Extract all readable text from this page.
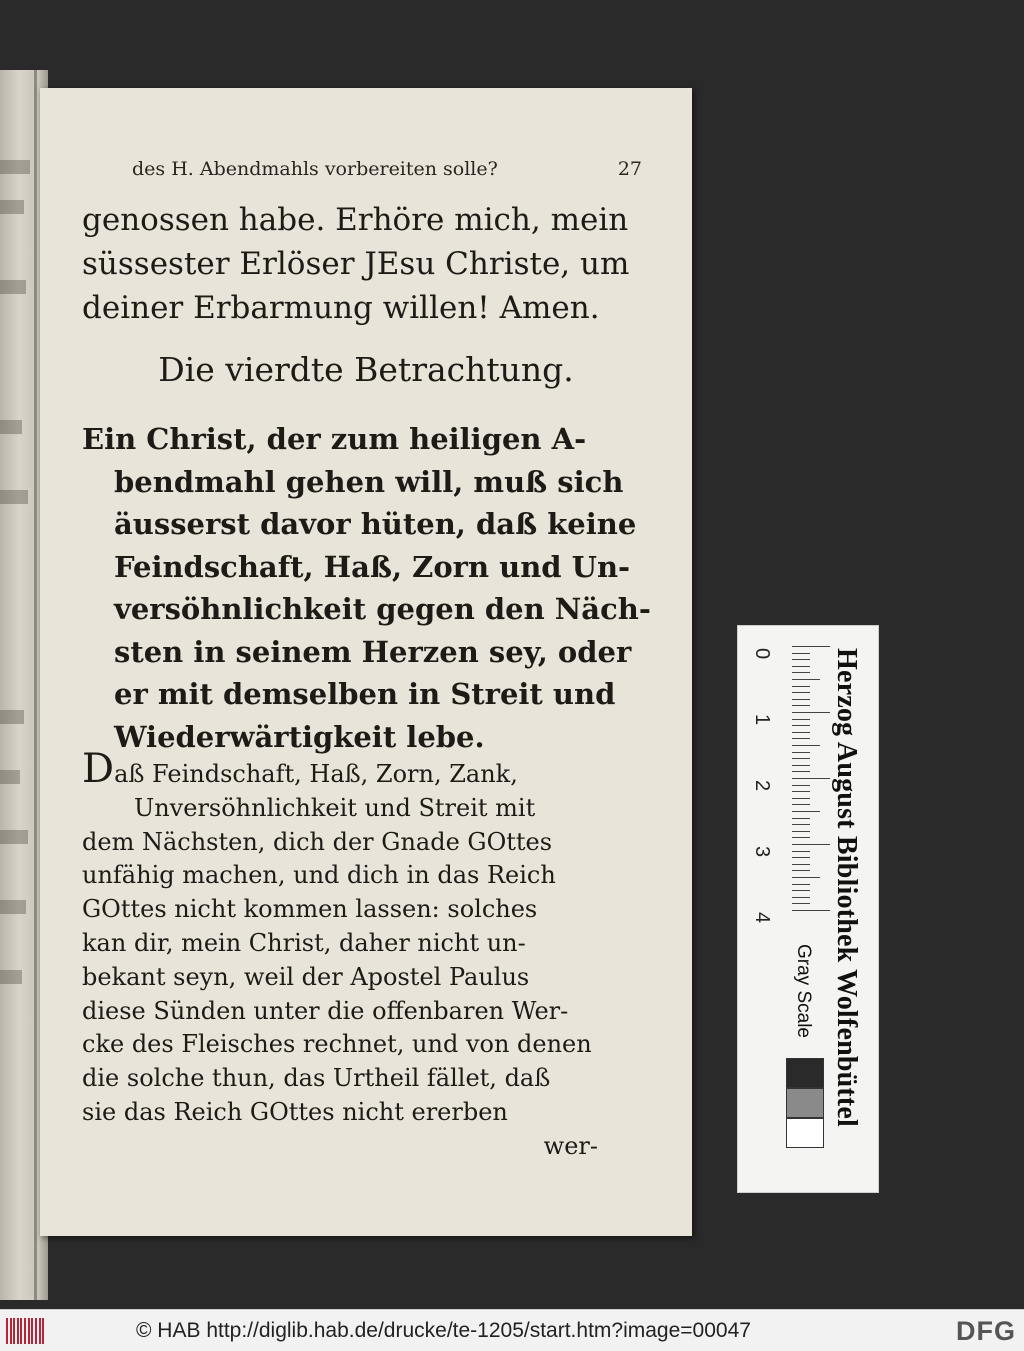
des H. Abendmahls vorbereiten solle?	27

genossen habe. Erhöre mich, mein

süssester Erlöser JEsu Christe, um

deiner Erbarmung willen! Amen.

Die vierdte Betrachtung.

Ein Christ, der zum heiligen A-

bendmahl gehen will, muß sich

äusserst davor hüten, daß keine

Feindschaft, Haß, Zorn und Un-

versöhnlichkeit gegen den Näch-

sten in seinem Herzen sey, oder

er mit demselben in Streit und

Wiederwärtigkeit lebe.

Daß Feindschaft, Haß, Zorn, Zank,

Unversöhnlichkeit und Streit mit

dem Nächsten, dich der Gnade GOttes

unfähig machen, und dich in das Reich

GOttes nicht kommen lassen: solches

kan dir, mein Christ, daher nicht un-

bekant seyn, weil der Apostel Paulus

diese Sünden unter die offenbaren Wer-

cke des Fleisches rechnet, und von denen

die solche thun, das Urtheil fället, daß

sie das Reich GOttes nicht ererben

wer-

0
1
2
3
4 Herzog August Bibliothek Wolfenbüttel
Gray Scale
© HAB http://diglib.hab.de/drucke/te-1205/start.htm?image=00047	DFG
